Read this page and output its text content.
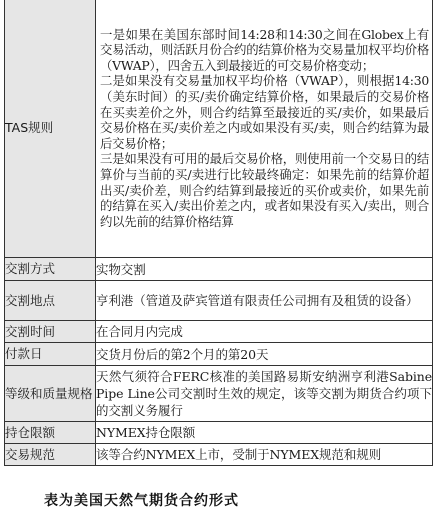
TAS规则	一是如果在美国东部时间14:28和14:30之间在Globex上有交易活动，则活跃月份合约的结算价格为交易量加权平均价格（VWAP），四舍五入到最接近的可交易价格变动；

二是如果没有交易量加权平均价格（VWAP），则根据14:30（美东时间）的买/卖价确定结算价格，如果最后的交易价格在买卖差价之外，则合约结算至最接近的买/卖价，如果最后交易价格在买/卖价差之内或如果没有买/卖，则合约结算为最后交易价格；

三是如果没有可用的最后交易价格，则使用前一个交易日的结算价与当前的买/卖进行比较最终确定：如果先前的结算价超出买/卖价差，则合约结算到最接近的买价或卖价，如果先前的结算在买入/卖出价差之内，或者如果没有买入/卖出，则合约以先前的结算价格结算

交割方式	实物交割
交割地点	亨利港（管道及萨宾管道有限责任公司拥有及租赁的设备）
交割时间	在合同月内完成
付款日	交货月份后的第2个月的第20天
等级和质量规格	天然气须符合FERC核准的美国路易斯安纳洲亨利港Sabine Pipe Line公司交割时生效的规定，该等交割为期货合约项下的交割义务履行
持仓限额	NYMEX持仓限额
交易规范	该等合约NYMEX上市，受制于NYMEX规范和规则
表为美国天然气期货合约形式
